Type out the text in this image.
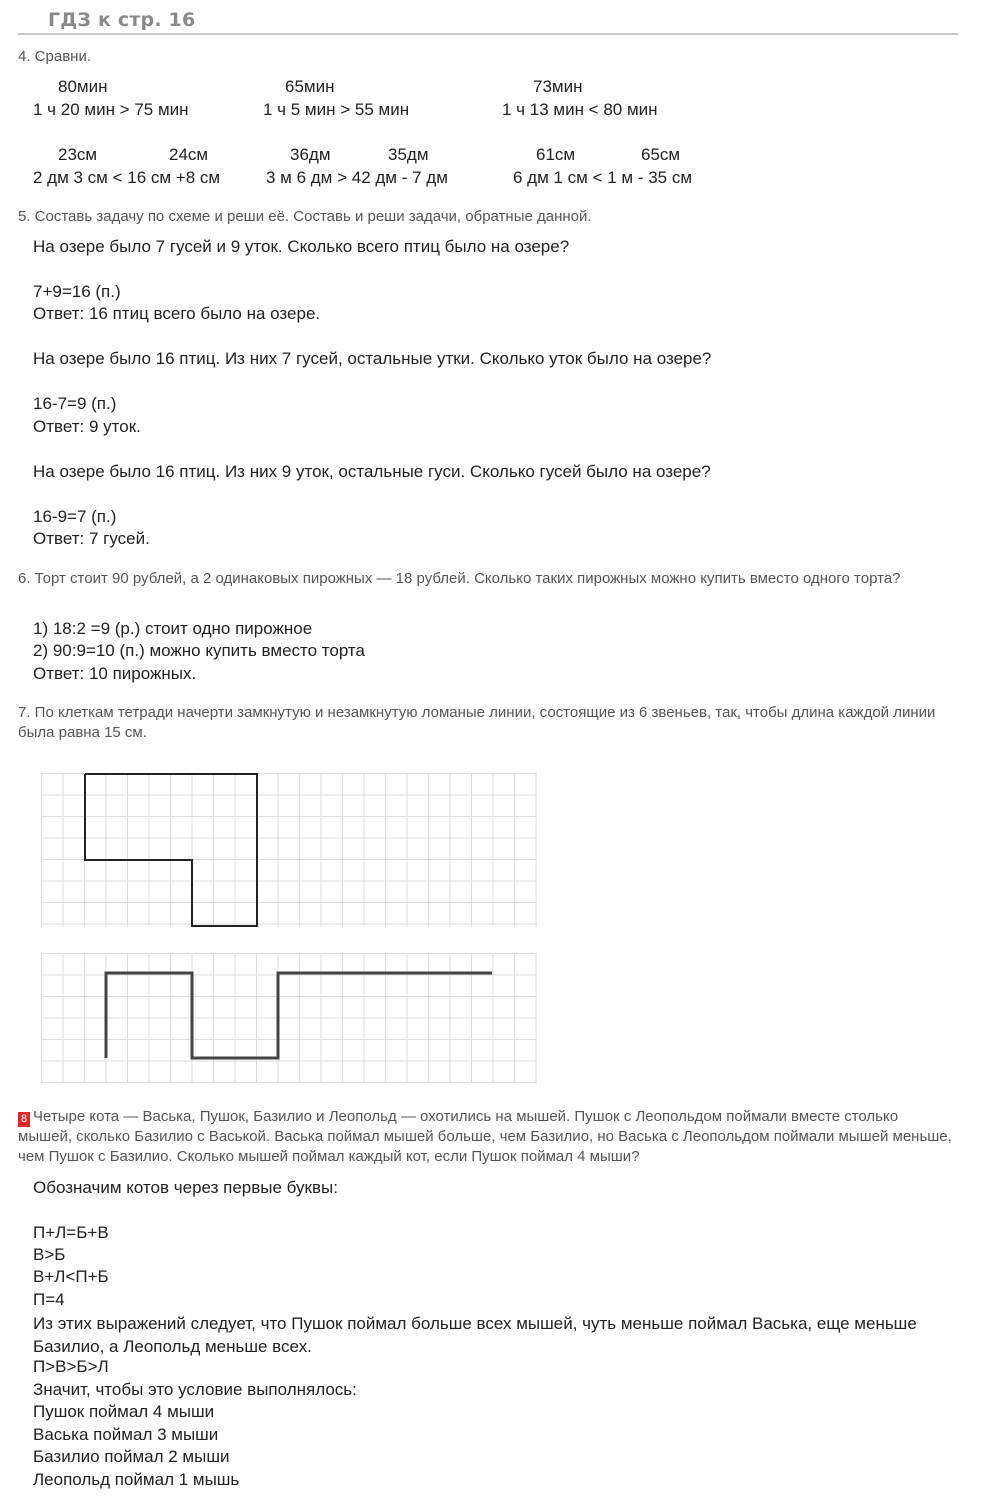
ГДЗ к стр. 16
4. Сравни.
80мин	65мин	73мин
1 ч 20 мин > 75 мин	1 ч 5 мин > 55 мин	1 ч 13 мин < 80 мин
23см	24см	36дм	35дм	61см	65см
2 дм 3 см < 16 см +8 см	3 м 6 дм > 42 дм - 7 дм	6 дм 1 см < 1 м - 35 см
5. Составь задачу по схеме и реши её. Составь и реши задачи, обратные данной.
На озере было 7 гусей и 9 уток. Сколько всего птиц было на озере?
7+9=16 (п.)
Ответ: 16 птиц всего было на озере.
На озере было 16 птиц. Из них 7 гусей, остальные утки. Сколько уток было на озере?
16-7=9 (п.)
Ответ: 9 уток.
На озере было 16 птиц. Из них 9 уток, остальные гуси. Сколько гусей было на озере?
16-9=7 (п.)
Ответ: 7 гусей.
6. Торт стоит 90 рублей, а 2 одинаковых пирожных — 18 рублей. Сколько таких пирожных можно купить вместо одного торта?
1) 18:2 =9 (р.) стоит одно пирожное
2) 90:9=10 (п.) можно купить вместо торта
Ответ: 10 пирожных.
7. По клеткам тетради начерти замкнутую и незамкнутую ломаные линии, состоящие из 6 звеньев, так, чтобы длина каждой линии была равна 15 см.
8 Четыре кота — Васька, Пушок, Базилио и Леопольд — охотились на мышей. Пушок с Леопольдом поймали вместе столько мышей, сколько Базилио с Васькой. Васька поймал мышей больше, чем Базилио, но Васька с Леопольдом поймали мышей меньше, чем Пушок с Базилио. Сколько мышей поймал каждый кот, если Пушок поймал 4 мыши?
Обозначим котов через первые буквы:
П+Л=Б+В
В>Б
В+Л<П+Б
П=4
Из этих выражений следует, что Пушок поймал больше всех мышей, чуть меньше поймал Васька, еще меньше Базилио, а Леопольд меньше всех.
П>В>Б>Л
Значит, чтобы это условие выполнялось:
Пушок поймал 4 мыши
Васька поймал 3 мыши
Базилио поймал 2 мыши
Леопольд поймал 1 мышь
